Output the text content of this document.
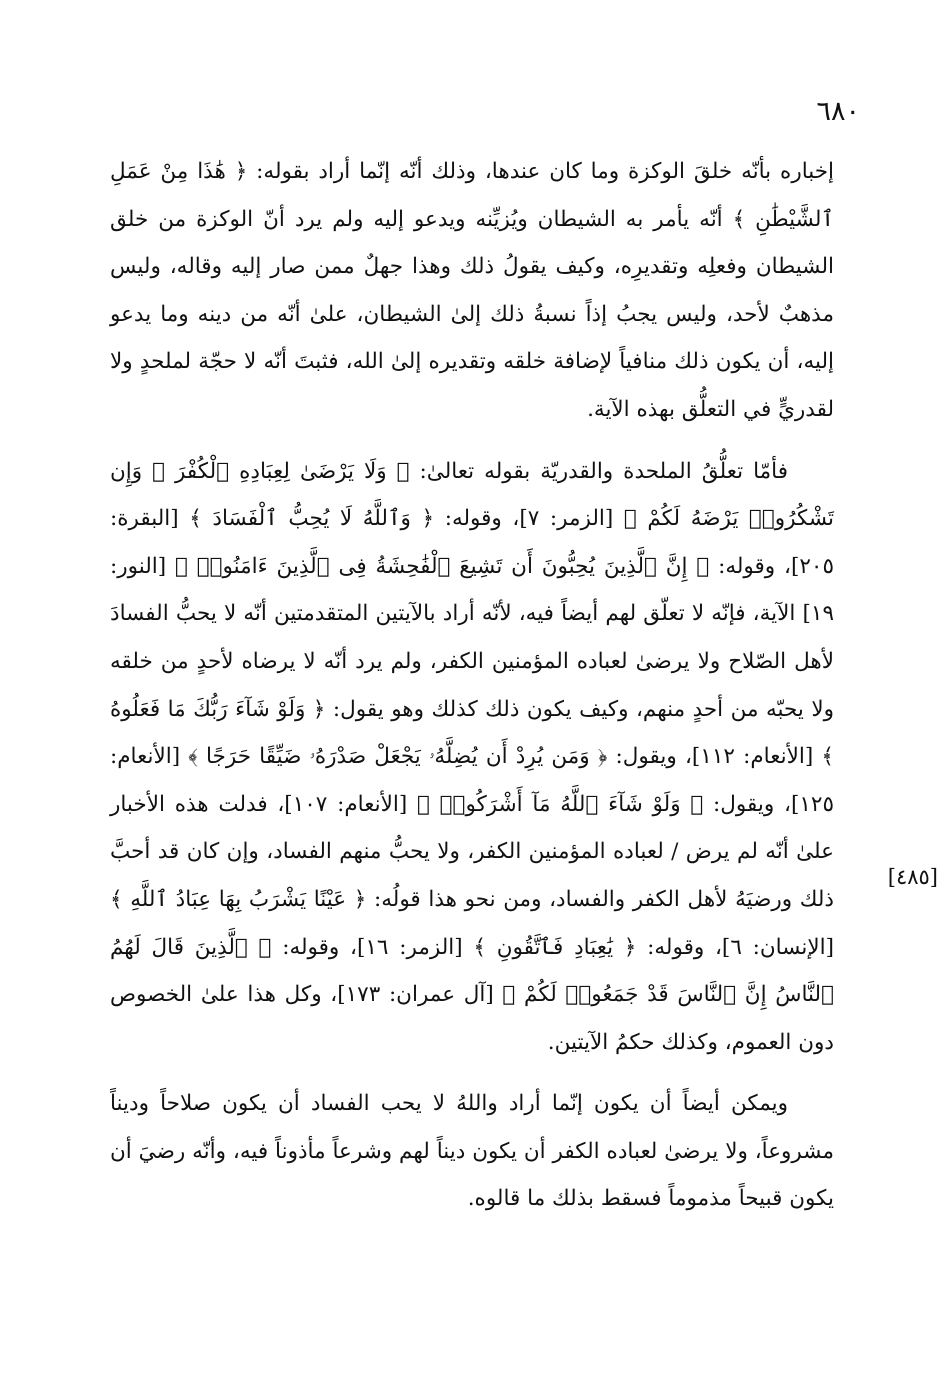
٦٨٠

إخباره بأنّه خلقَ الوكزة وما كان عندها، وذلك أنّه إنّما أراد بقوله: ﴿ هَٰذَا مِنْ عَمَلِ ٱلشَّيْطَٰنِ ﴾ أنّه يأمر به الشيطان ويُزيِّنه ويدعو إليه ولم يرد أنّ الوكزة من خلق الشيطان وفعلِه وتقديرِه، وكيف يقولُ ذلك وهذا جهلٌ ممن صار إليه وقاله، وليس مذهبٌ لأحد، وليس يجبُ إذاً نسبةُ ذلك إلىٰ الشيطان، علىٰ أنّه من دينه وما يدعو إليه، أن يكون ذلك منافياً لإضافة خلقه وتقديره إلىٰ الله، فثبتَ أنّه لا حجّة لملحدٍ ولا لقدريٍّ في التعلُّق بهذه الآية.

فأمّا تعلُّقُ الملحدة والقدريّة بقوله تعالىٰ: ﴿ وَلَا يَرْضَىٰ لِعِبَادِهِ ٱلْكُفْرَ ۖ وَإِن تَشْكُرُوا۟ يَرْضَهُ لَكُمْ ﴾ [الزمر: ٧]، وقوله: ﴿ وَٱللَّهُ لَا يُحِبُّ ٱلْفَسَادَ ﴾ [البقرة: ٢٠٥]، وقوله: ﴿ إِنَّ ٱلَّذِينَ يُحِبُّونَ أَن تَشِيعَ ٱلْفَٰحِشَةُ فِى ٱلَّذِينَ ءَامَنُوا۟ ﴾ [النور: ١٩] الآية، فإنّه لا تعلّق لهم أيضاً فيه، لأنّه أراد بالآيتين المتقدمتين أنّه لا يحبُّ الفسادَ لأهل الصّلاح ولا يرضىٰ لعباده المؤمنين الكفر، ولم يرد أنّه لا يرضاه لأحدٍ من خلقه ولا يحبّه من أحدٍ منهم، وكيف يكون ذلك كذلك وهو يقول: ﴿ وَلَوْ شَآءَ رَبُّكَ مَا فَعَلُوهُ ﴾ [الأنعام: ١١٢]، ويقول: ﴿ وَمَن يُرِدْ أَن يُضِلَّهُۥ يَجْعَلْ صَدْرَهُۥ ضَيِّقًا حَرَجًا ﴾ [الأنعام: ١٢٥]، ويقول: ﴿ وَلَوْ شَآءَ ٱللَّهُ مَآ أَشْرَكُوا۟ ﴾ [الأنعام: ١٠٧]، فدلت هذه الأخبار علىٰ أنّه لم يرض / لعباده المؤمنين الكفر، ولا يحبُّ منهم الفساد، وإن كان قد أحبَّ ذلك ورضيَهُ لأهل الكفر والفساد، ومن نحو هذا قولُه: ﴿ عَيْنًا يَشْرَبُ بِهَا عِبَادُ ٱللَّهِ ﴾ [الإنسان: ٦]، وقوله: ﴿ يَٰعِبَادِ فَٱتَّقُونِ ﴾ [الزمر: ١٦]، وقوله: ﴿ ٱلَّذِينَ قَالَ لَهُمُ ٱلنَّاسُ إِنَّ ٱلنَّاسَ قَدْ جَمَعُوا۟ لَكُمْ ﴾ [آل عمران: ١٧٣]، وكل هذا علىٰ الخصوص دون العموم، وكذلك حكمُ الآيتين.

ويمكن أيضاً أن يكون إنّما أراد واللهُ لا يحب الفساد أن يكون صلاحاً وديناً مشروعاً، ولا يرضىٰ لعباده الكفر أن يكون ديناً لهم وشرعاً مأذوناً فيه، وأنّه رضيَ أن يكون قبيحاً مذموماً فسقط بذلك ما قالوه.

[٤٨٥]
